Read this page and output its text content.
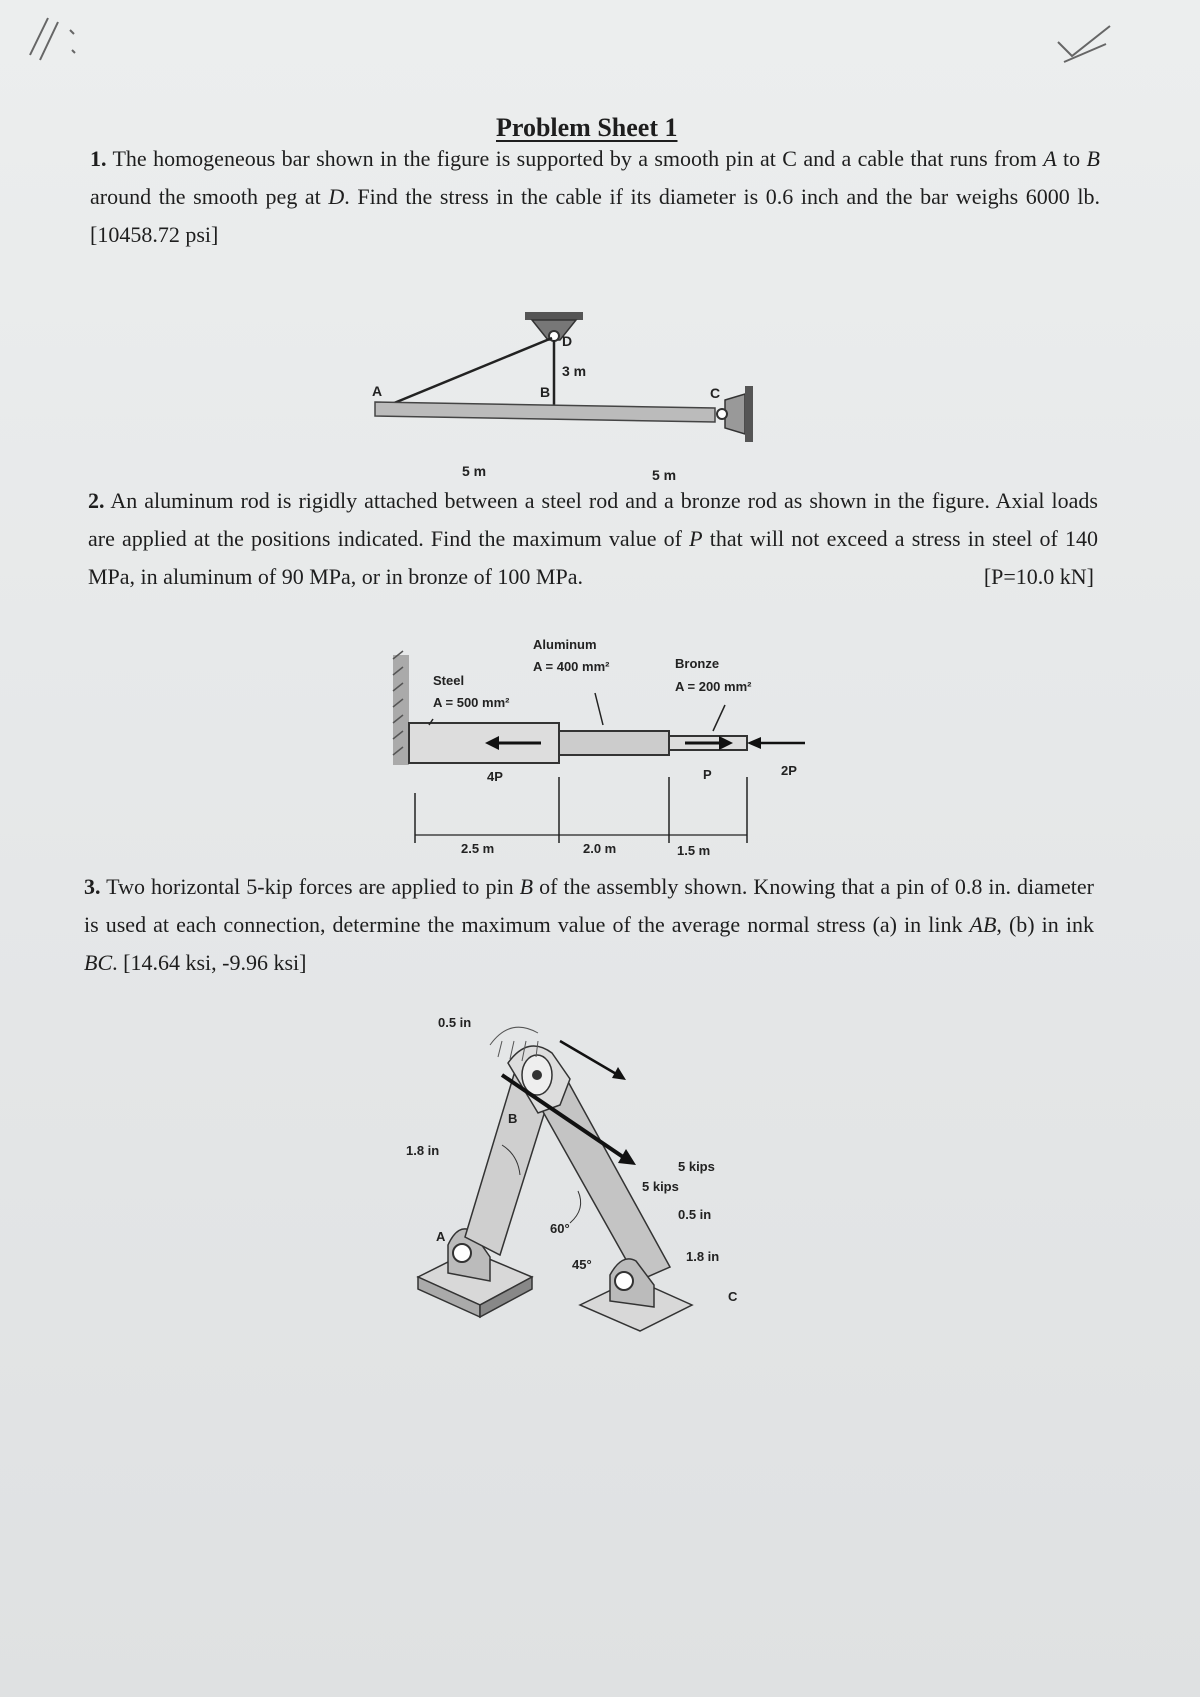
Problem Sheet 1
1. The homogeneous bar shown in the figure is supported by a smooth pin at C and a cable that runs from A to B around the smooth peg at D. Find the stress in the cable if its diameter is 0.6 inch and the bar weighs 6000 lb. [10458.72 psi]
A	B	C
D
3 m
5 m	5 m
2. An aluminum rod is rigidly attached between a steel rod and a bronze rod as shown in the figure. Axial loads are applied at the positions indicated. Find the maximum value of P that will not exceed a stress in steel of 140 MPa, in aluminum of 90 MPa, or in bronze of 100 MPa.	[P=10.0 kN]
Aluminum
A = 400 mm²	Bronze
A = 200 mm²
Steel
A = 500 mm²
4P	P	2P
2.5 m	2.0 m	1.5 m
3. Two horizontal 5-kip forces are applied to pin B of the assembly shown. Knowing that a pin of 0.8 in. diameter is used at each connection, determine the maximum value of the average normal stress (a) in link AB, (b) in ink BC. [14.64 ksi, -9.96 ksi]
0.5 in
1.8 in
5 kips
5 kips
0.5 in
1.8 in
60°
45°
A
B
C
